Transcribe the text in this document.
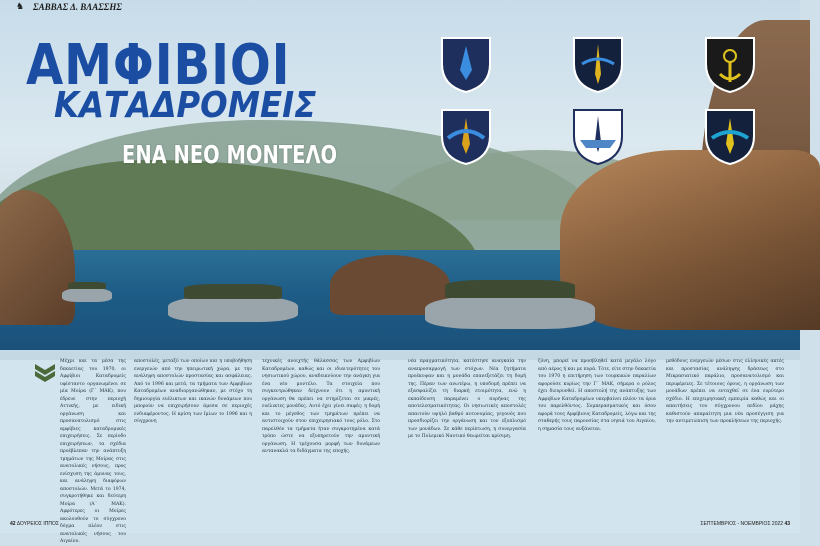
♞ ΣΑΒΒΑΣ Δ. ΒΛΑΣΣΗΣ
ΑΜΦΙΒΙΟΙ
ΚΑΤΑΔΡΟΜΕΙΣ
ΕΝΑ ΝΕΟ ΜΟΝΤΕΛΟ

Μέχρι και τα μέσα της δεκαετίας του 1970, οι Αμφίβιοι Καταδρομείς υφίσταντο οργανωμένοι σε μία Μοίρα (Γ΄ ΜΑΚ), που έδρευε στην περιοχή Αττικής, με ειδική οργάνωση και προσανατολισμό στις αμφίβιες καταδρομικές επιχειρήσεις. Σε περίοδο επιχειρήσεων, τα σχέδια προέβλεπαν την ανάπτυξη τμημάτων της Μοίρας στις ανατολικές νήσους, προς ενίσχυση της άμυνας τους, και ανάληψη διαφόρων αποστολών. Μετά το 1974, συγκροτήθηκε και δεύτερη Μοίρα (Α΄ ΜΑΚ). Αμφότερες οι Μοίρες ακολουθούν το σύγχρονο δόγμα πλέον στις ανατολικές νήσους του Αιγαίου.

αποστολές, μεταξύ των οποίων και η υποβοήθηση ενεργειών από την ηπειρωτική χώρα, με την ανάληψη αποστολών προστασίας και ασφάλειας. Από το 1996 και μετά, τα τμήματα των Αμφιβίων Καταδρομέων αναδιοργανώθηκαν, με στόχο τη δημιουργία ευέλικτων και ικανών δυνάμεων που μπορούν να επιχειρήσουν άμεσα σε περιοχές ενδιαφέροντος. Η κρίση των Ιμίων το 1996 και η σύγχρονη

τεχνικές ανοιχτής θάλασσας των Αμφιβίων Καταδρομέων, καθώς και οι ιδιαιτερότητες του νησιωτικού χώρου, αναδεικνύουν την ανάγκη για ένα νέο μοντέλο. Τα στοιχεία που συγκεντρώθηκαν δείχνουν ότι η αμυντική οργάνωση θα πρέπει να στηρίζεται σε μικρές, ευέλικτες μονάδες. Αυτό έχει γίνει σαφές: η δομή και το μέγεθος των τμημάτων πρέπει να αντιστοιχούν στον επιχειρησιακό τους ρόλο. Στο παρελθόν τα τμήματα ήταν συγκροτημένα κατά τρόπο ώστε να εξυπηρετούν την αμυντική οργάνωση. Η τρέχουσα μορφή των δυνάμεων αντανακλά τα διδάγματα της εποχής.

νέα πραγματικότητα, κατέστησε αναγκαία την αναπροσαρμογή των στόχων. Νέα ζητήματα προέκυψαν και η μονάδα επανεξετάζει τη δομή της. Πέραν των ανωτέρω, η υποδομή πρέπει να εξασφαλίζει τη διαρκή ετοιμότητα, ενώ η εκπαίδευση παραμένει ο πυρήνας της αποτελεσματικότητας. Οι νησιωτικές αποστολές απαιτούν υψηλό βαθμό αυτονομίας, γεγονός που προσδιορίζει την οργάνωση και τον εξοπλισμό των μονάδων. Σε κάθε περίπτωση, η συνεργασία με το Πολεμικό Ναυτικό θεωρείται κρίσιμη.

ζόνη, μπορεί να προσβληθεί κατά μεγάλο λόγο από αέρος ή και με πυρά. Τότε, είτε στην δεκαετία του 1970 η επιτήρηση των τουρκικών παραλίων αφορούσε κυρίως την Γ΄ ΜΑΚ, σήμερα ο ρόλος έχει διευρυνθεί. Η αποστολή της ανάπτυξης των Αμφιβίων Καταδρομέων υπερβαίνει πλέον τα όρια του παρελθόντος. Συμπερασματικός και όσον αφορά τους Αμφίβιους Καταδρομείς, λόγω και της σταθερής τους παρουσίας στα νησιά του Αιγαίου, η σημασία τους αυξάνεται.

μεθόδους ενεργειών μέσων στις ελληνικές ακτές και προστασίας ανάληψης δράσεως στο Μικρασιατικό παράλιο, προσανατολισμό και περιφέρειες. Σε τέτοιους όρους, η οργάνωση των μονάδων πρέπει να ενταχθεί σε ένα ευρύτερο σχέδιο. Η επιχειρησιακή εμπειρία καθώς και οι απαιτήσεις του σύγχρονου πεδίου μάχης καθιστούν απαραίτητη μια νέα προσέγγιση για την αντιμετώπιση των προκλήσεων της περιοχής.

42 ΔΟΥΡΕΙΟΣ ΙΠΠΟΣ	ΣΕΠΤΕΜΒΡΙΟΣ - ΝΟΕΜΒΡΙΟΣ 2022 43
